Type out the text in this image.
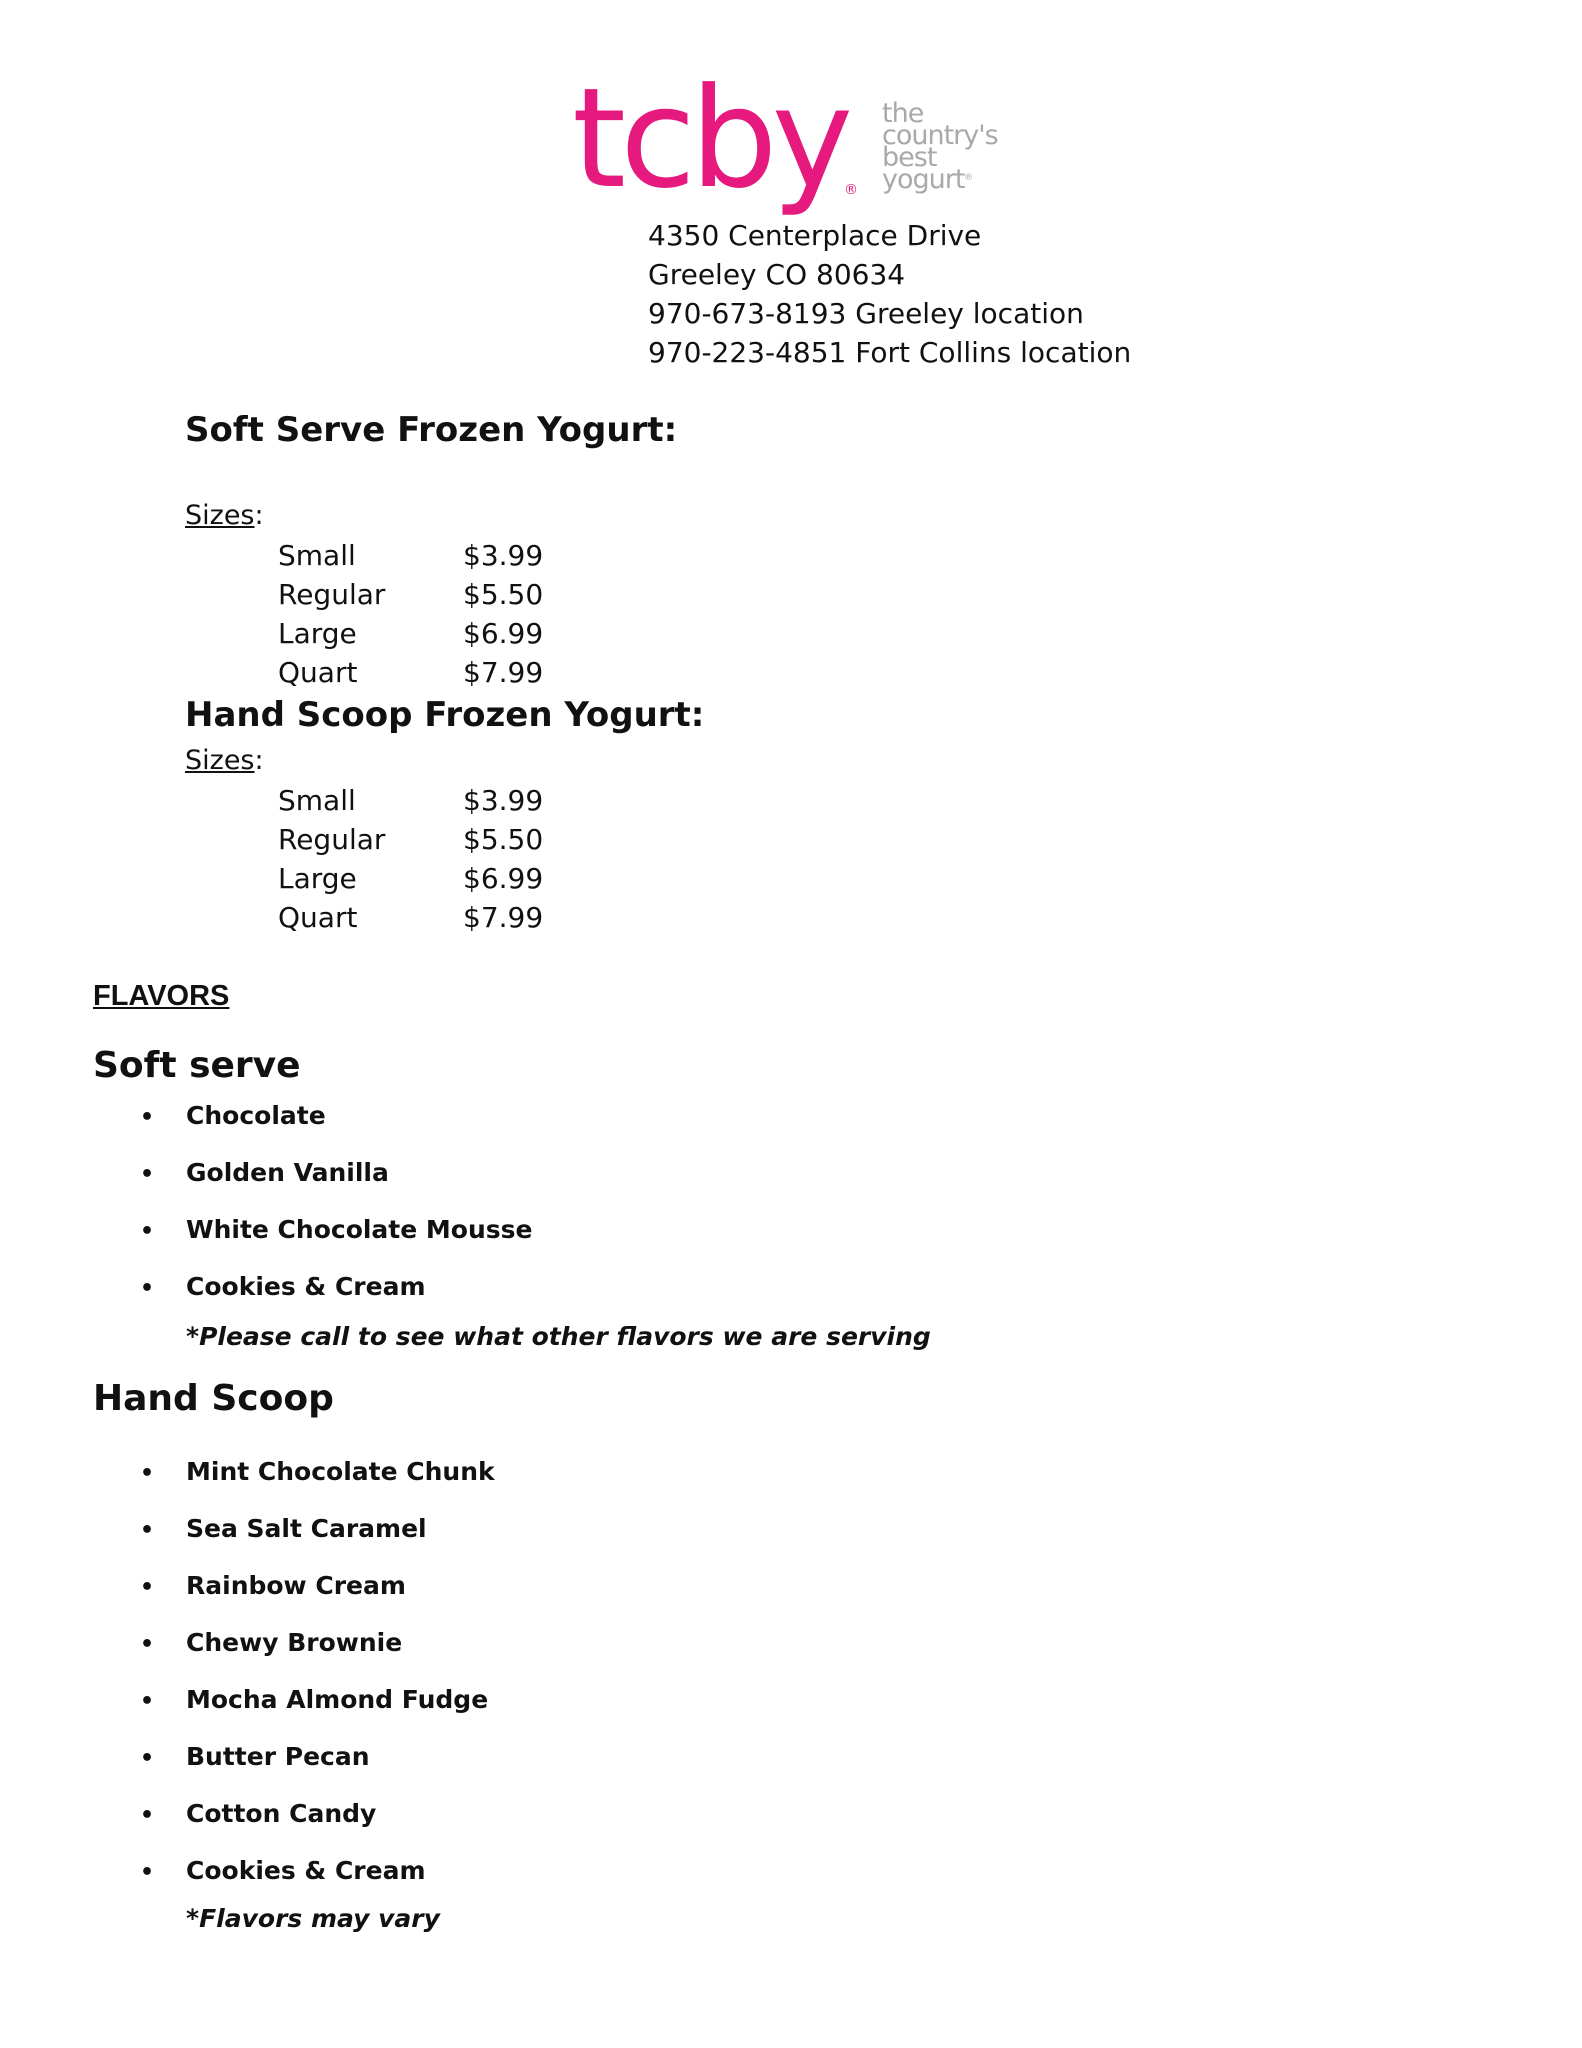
tcby
®
the
country's
best
yogurt ®
4350 Centerplace Drive
Greeley CO 80634
970-673-8193 Greeley location
970-223-4851 Fort Collins location
Soft Serve Frozen Yogurt:
Sizes:
Small	$3.99
Regular	$5.50
Large	$6.99
Quart	$7.99
Hand Scoop Frozen Yogurt:
Sizes:
Small	$3.99
Regular	$5.50
Large	$6.99
Quart	$7.99
FLAVORS
Soft serve
• Chocolate
• Golden Vanilla
• White Chocolate Mousse
• Cookies & Cream
*Please call to see what other flavors we are serving
Hand Scoop
• Mint Chocolate Chunk
• Sea Salt Caramel
• Rainbow Cream
• Chewy Brownie
• Mocha Almond Fudge
• Butter Pecan
• Cotton Candy
• Cookies & Cream
*Flavors may vary
